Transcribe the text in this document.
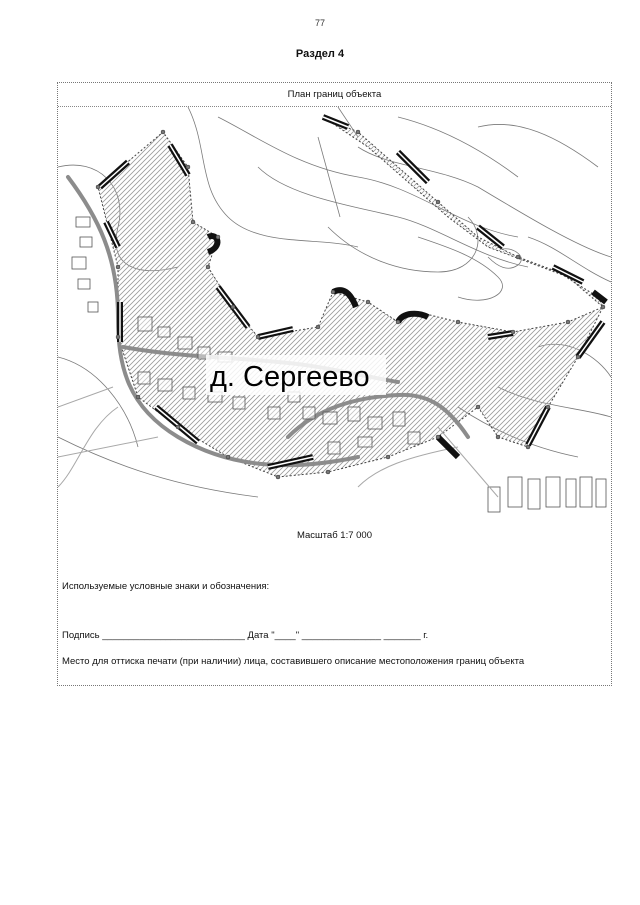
77
Раздел 4
План границ объекта
д. Сергеево
Масштаб 1:7 000
Используемые условные знаки и обозначения:
Подпись ___________________________ Дата "____" _______________ _______ г.
Место для оттиска печати (при наличии) лица, составившего описание местоположения границ объекта
